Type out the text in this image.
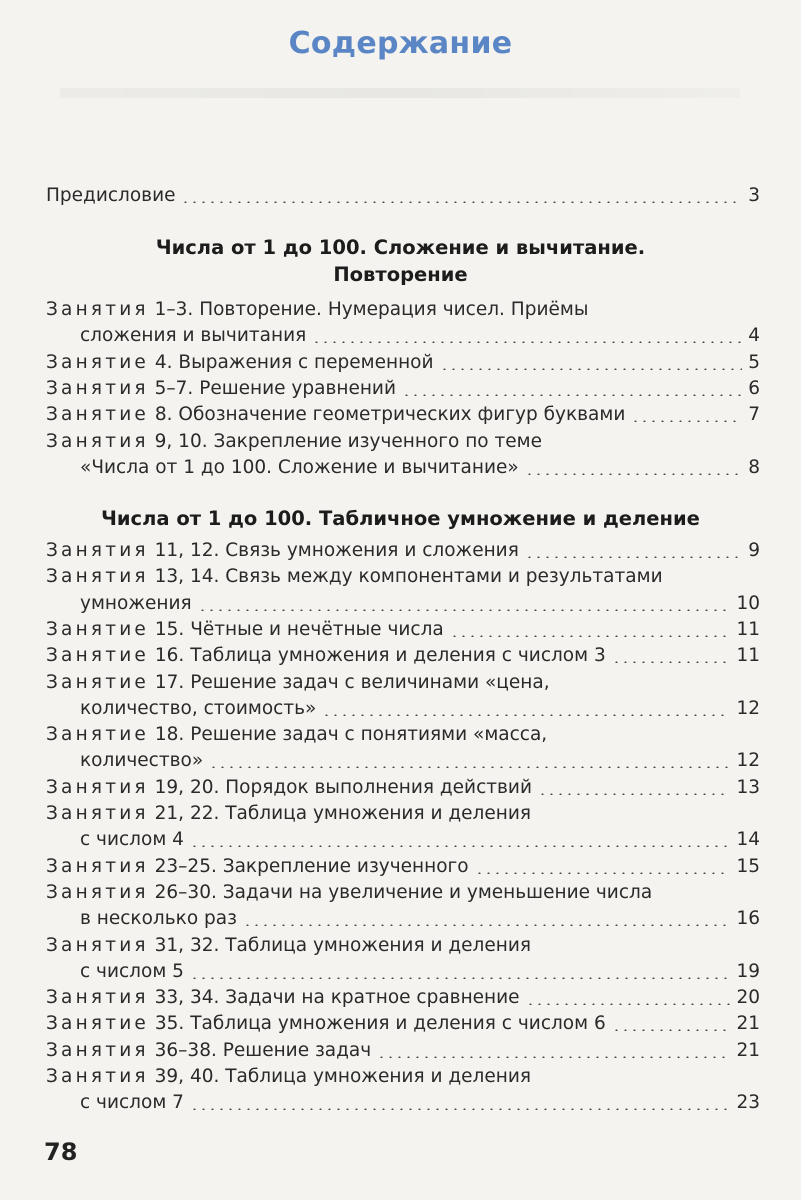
Содержание
Предисловие	3
Числа от 1 до 100. Сложение и вычитание.
Повторение
Числа от 1 до 100. Табличное умножение и деление
78
Занятия 1–3. Повторение. Нумерация чисел. Приёмы
сложения и вычитания	4
Занятие 4. Выражения с переменной	5
Занятия 5–7. Решение уравнений	6
Занятие 8. Обозначение геометрических фигур буквами	7
Занятия 9, 10. Закрепление изученного по теме
«Числа от 1 до 100. Сложение и вычитание»	8
Занятия 11, 12. Связь умножения и сложения	9
Занятия 13, 14. Связь между компонентами и результатами
умножения	10
Занятие 15. Чётные и нечётные числа	11
Занятие 16. Таблица умножения и деления с числом 3	11
Занятие 17. Решение задач с величинами «цена,
количество, стоимость»	12
Занятие 18. Решение задач с понятиями «масса,
количество»	12
Занятия 19, 20. Порядок выполнения действий	13
Занятия 21, 22. Таблица умножения и деления
с числом 4	14
Занятия 23–25. Закрепление изученного	15
Занятия 26–30. Задачи на увеличение и уменьшение числа
в несколько раз	16
Занятия 31, 32. Таблица умножения и деления
с числом 5	19
Занятия 33, 34. Задачи на кратное сравнение	20
Занятие 35. Таблица умножения и деления с числом 6	21
Занятия 36–38. Решение задач	21
Занятия 39, 40. Таблица умножения и деления
с числом 7	23
